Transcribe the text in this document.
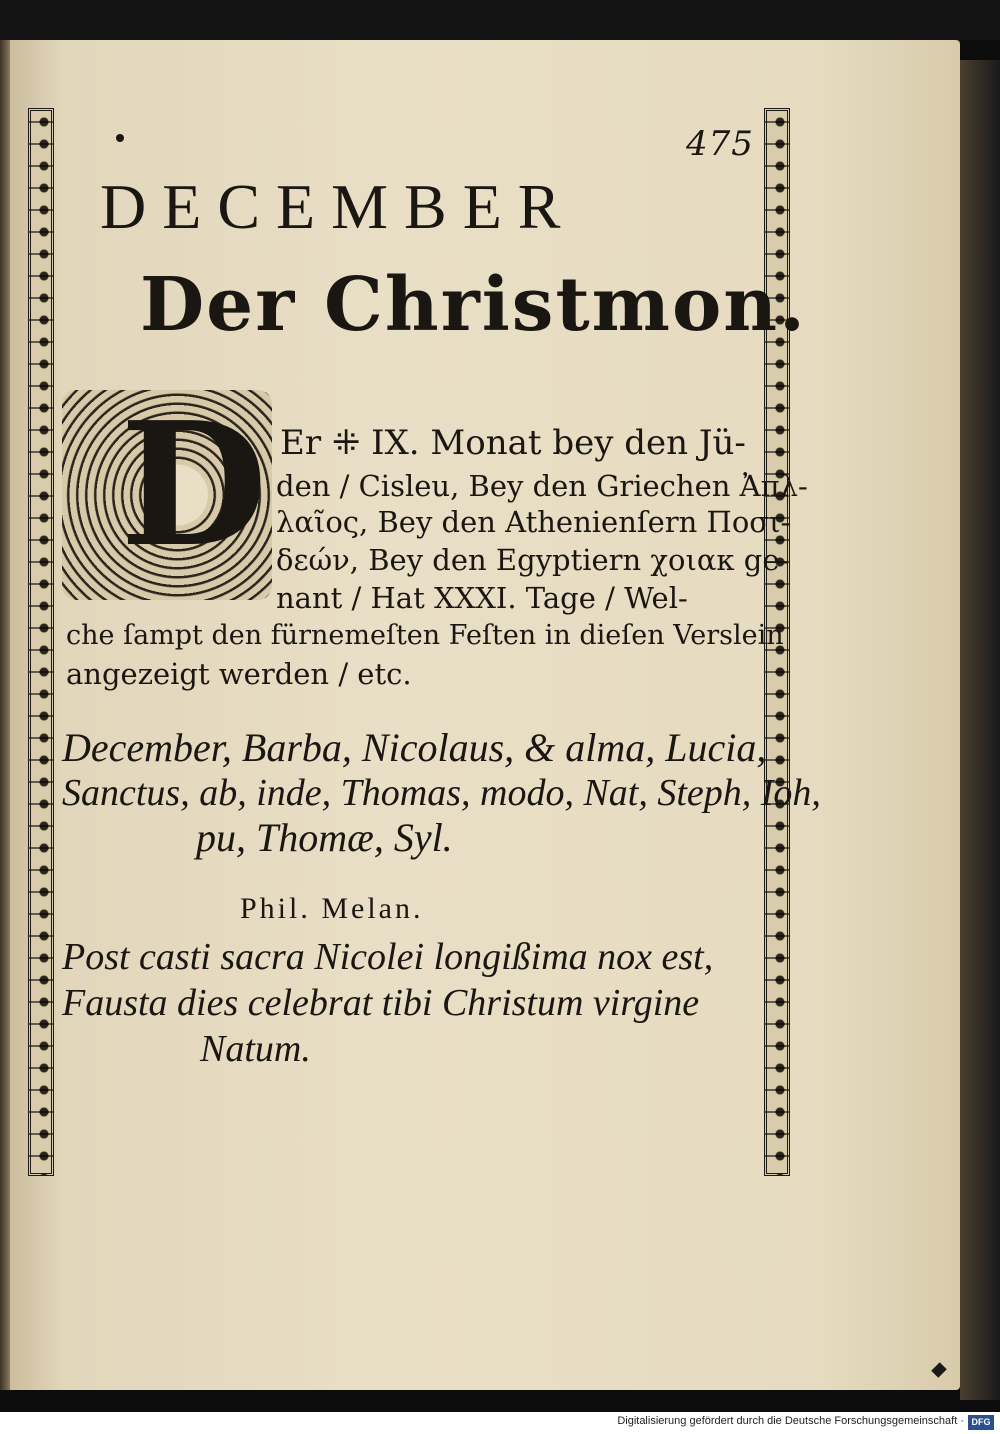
475
DECEMBER
Der Christmon.
D Er ⁜ IX. Monat bey den Jü-
den / Cisleu, Bey den Griechen Ἀπλ-
λαῖος, Bey den Athenienſern Ποσι-
δεών, Bey den Egyptiern χοιακ ge-
nant / Hat XXXI. Tage / Wel-
che ſampt den fürnemeſten Feſten in dieſen Verslein
angezeigt werden / etc.
December, Barba, Nicolaus, & alma, Lucia,
Sanctus, ab, inde, Thomas, modo, Nat, Steph, Ioh,
pu, Thomæ, Syl.
Phil. Melan.
Post casti sacra Nicolei longißima nox est,
Fausta dies celebrat tibi Christum virgine
Natum.
Digitalisierung gefördert durch die Deutsche Forschungsgemeinschaft · DFG
